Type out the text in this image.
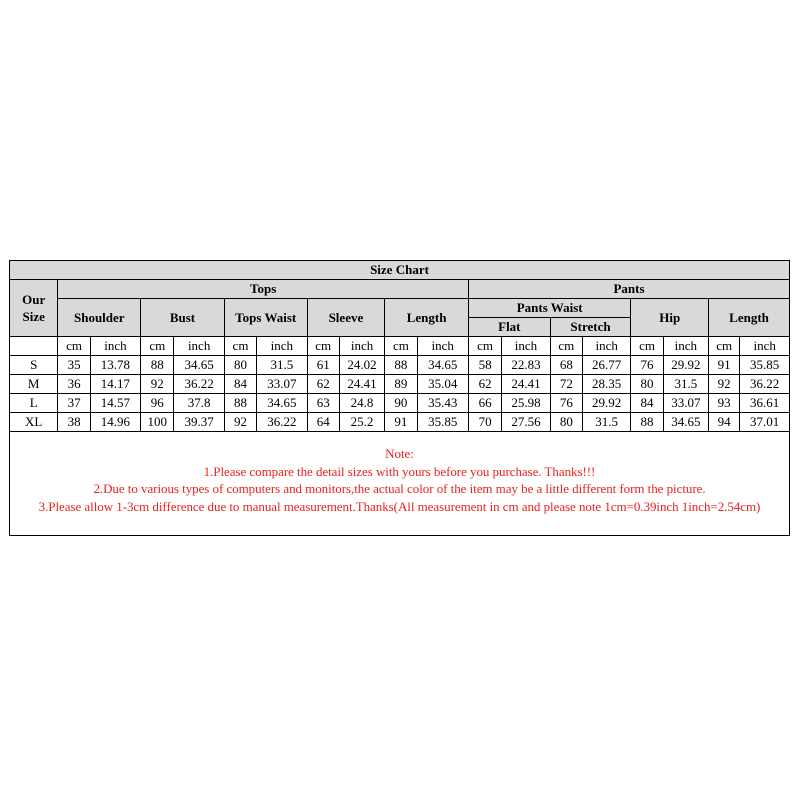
Size Chart																		
Our Size	Tops										Pants							
	Shoulder		Bust		Tops Waist		Sleeve		Length		Pants Waist				Hip		Length	
											Flat		Stretch					
	cm	inch	cm	inch	cm	inch	cm	inch	cm	inch	cm	inch	cm	inch	cm	inch	cm	inch
S	35	13.78	88	34.65	80	31.5	61	24.02	88	34.65	58	22.83	68	26.77	76	29.92	91	35.85
M	36	14.17	92	36.22	84	33.07	62	24.41	89	35.04	62	24.41	72	28.35	80	31.5	92	36.22
L	37	14.57	96	37.8	88	34.65	63	24.8	90	35.43	66	25.98	76	29.92	84	33.07	93	36.61
XL	38	14.96	100	39.37	92	36.22	64	25.2	91	35.85	70	27.56	80	31.5	88	34.65	94	37.01
Note:
1.Please compare the detail sizes with yours before you purchase. Thanks!!!
2.Due to various types of computers and monitors,the actual color of the item may be a little different form the picture.
3.Please allow 1-3cm difference due to manual measurement.Thanks(All measurement in cm and please note 1cm=0.39inch 1inch=2.54cm)
